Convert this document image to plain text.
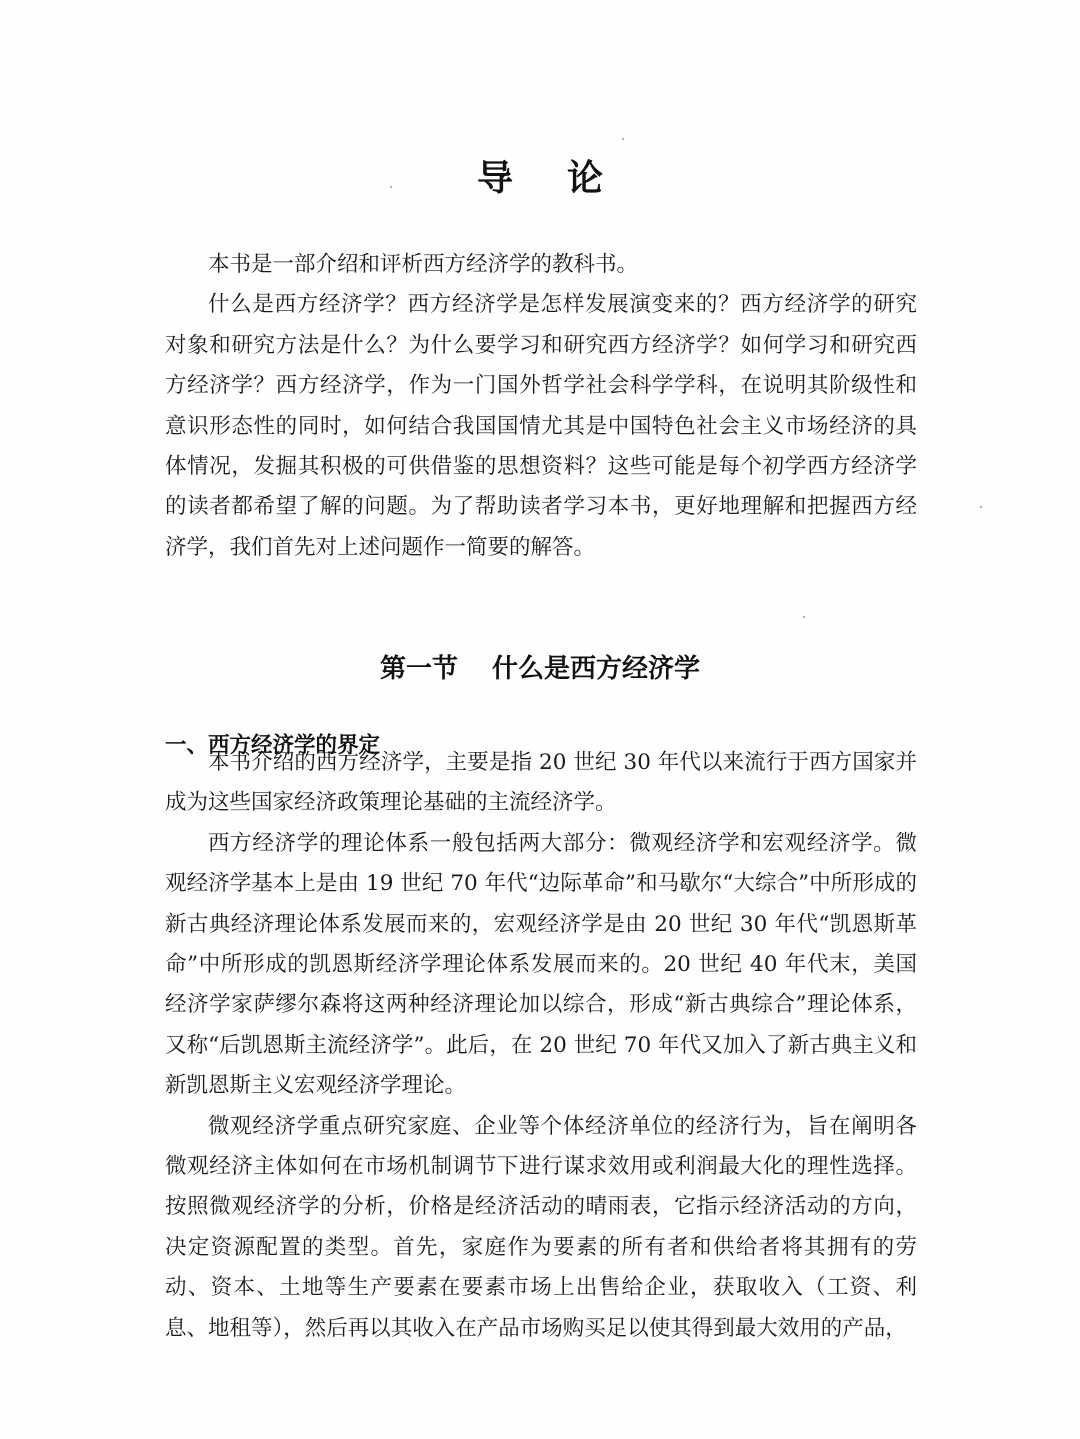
导论

本书是一部介绍和评析西方经济学的教科书。

什么是西方经济学？西方经济学是怎样发展演变来的？西方经济学的研究对象和研究方法是什么？为什么要学习和研究西方经济学？如何学习和研究西方经济学？西方经济学，作为一门国外哲学社会科学学科，在说明其阶级性和意识形态性的同时，如何结合我国国情尤其是中国特色社会主义市场经济的具体情况，发掘其积极的可供借鉴的思想资料？这些可能是每个初学西方经济学的读者都希望了解的问题。为了帮助读者学习本书，更好地理解和把握西方经济学，我们首先对上述问题作一简要的解答。

第一节 什么是西方经济学
一、西方经济学的界定

本书介绍的西方经济学，主要是指 20 世纪 30 年代以来流行于西方国家并成为这些国家经济政策理论基础的主流经济学。

西方经济学的理论体系一般包括两大部分：微观经济学和宏观经济学。微观经济学基本上是由 19 世纪 70 年代“边际革命”和马歇尔“大综合”中所形成的新古典经济理论体系发展而来的，宏观经济学是由 20 世纪 30 年代“凯恩斯革命”中所形成的凯恩斯经济学理论体系发展而来的。20 世纪 40 年代末，美国经济学家萨缪尔森将这两种经济理论加以综合，形成“新古典综合”理论体系，又称“后凯恩斯主流经济学”。此后，在 20 世纪 70 年代又加入了新古典主义和新凯恩斯主义宏观经济学理论。

微观经济学重点研究家庭、企业等个体经济单位的经济行为，旨在阐明各微观经济主体如何在市场机制调节下进行谋求效用或利润最大化的理性选择。按照微观经济学的分析，价格是经济活动的晴雨表，它指示经济活动的方向，决定资源配置的类型。首先，家庭作为要素的所有者和供给者将其拥有的劳动、资本、土地等生产要素在要素市场上出售给企业，获取收入（工资、利息、地租等），然后再以其收入在产品市场购买足以使其得到最大效用的产品，
